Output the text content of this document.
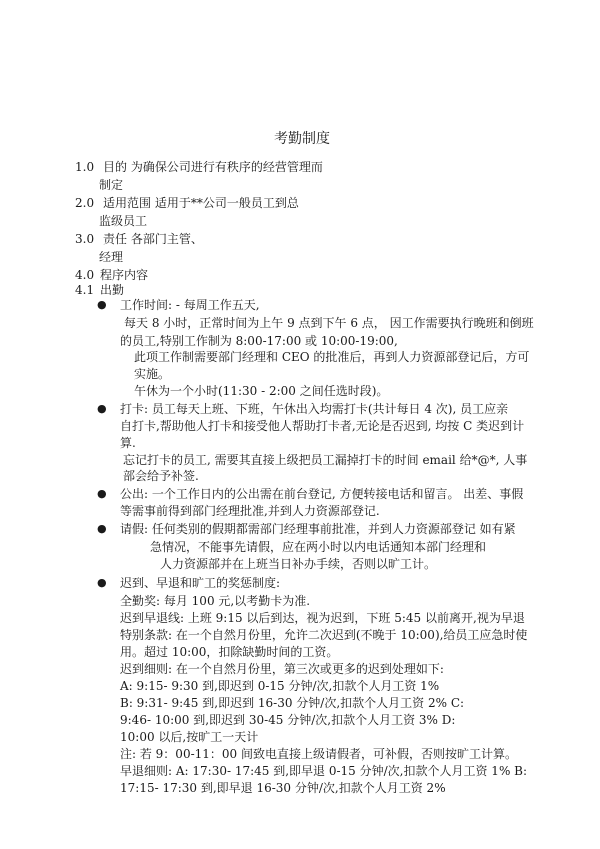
考勤制度
1.0 目的 为确保公司进行有秩序的经营管理而
制定
2.0 适用范围 适用于**公司一般员工到总
监级员工
3.0 责任 各部门主管、
经理
4.0 程序内容
4.1 出勤
● 工作时间: - 每周工作五天,
每天 8 小时，正常时间为上午 9 点到下午 6 点， 因工作需要执行晚班和倒班
的员工,特别工作制为 8:00-17:00 或 10:00-19:00,
此项工作制需要部门经理和 CEO 的批准后，再到人力资源部登记后，方可
实施。
午休为一个小时(11:30 - 2:00 之间任选时段)。
● 打卡: 员工每天上班、下班，午休出入均需打卡(共计每日 4 次), 员工应亲
自打卡,帮助他人打卡和接受他人帮助打卡者,无论是否迟到, 均按 C 类迟到计
算.
忘记打卡的员工, 需要其直接上级把员工漏掉打卡的时间 email 给*@*, 人事
部会给予补签.
● 公出: 一个工作日内的公出需在前台登记, 方便转接电话和留言。 出差、事假
等需事前得到部门经理批准,并到人力资源部登记.
● 请假: 任何类别的假期都需部门经理事前批准，并到人力资源部登记 如有紧
急情况，不能事先请假，应在两小时以内电话通知本部门经理和
人力资源部并在上班当日补办手续，否则以旷工计。
● 迟到、早退和旷工的奖惩制度:
全勤奖: 每月 100 元,以考勤卡为准.
迟到早退线: 上班 9:15 以后到达，视为迟到，下班 5:45 以前离开,视为早退
特别条款: 在一个自然月份里，允许二次迟到(不晚于 10:00),给员工应急时使
用。超过 10:00，扣除缺勤时间的工资。
迟到细则: 在一个自然月份里，第三次或更多的迟到处理如下:
A: 9:15- 9:30 到,即迟到 0-15 分钟/次,扣款个人月工资 1%
B: 9:31- 9:45 到,即迟到 16-30 分钟/次,扣款个人月工资 2% C:
9:46- 10:00 到,即迟到 30-45 分钟/次,扣款个人月工资 3% D:
10:00 以后,按旷工一天计
注: 若 9：00-11：00 间致电直接上级请假者，可补假，否则按旷工计算。
早退细则: A: 17:30- 17:45 到,即早退 0-15 分钟/次,扣款个人月工资 1% B:
17:15- 17:30 到,即早退 16-30 分钟/次,扣款个人月工资 2%
